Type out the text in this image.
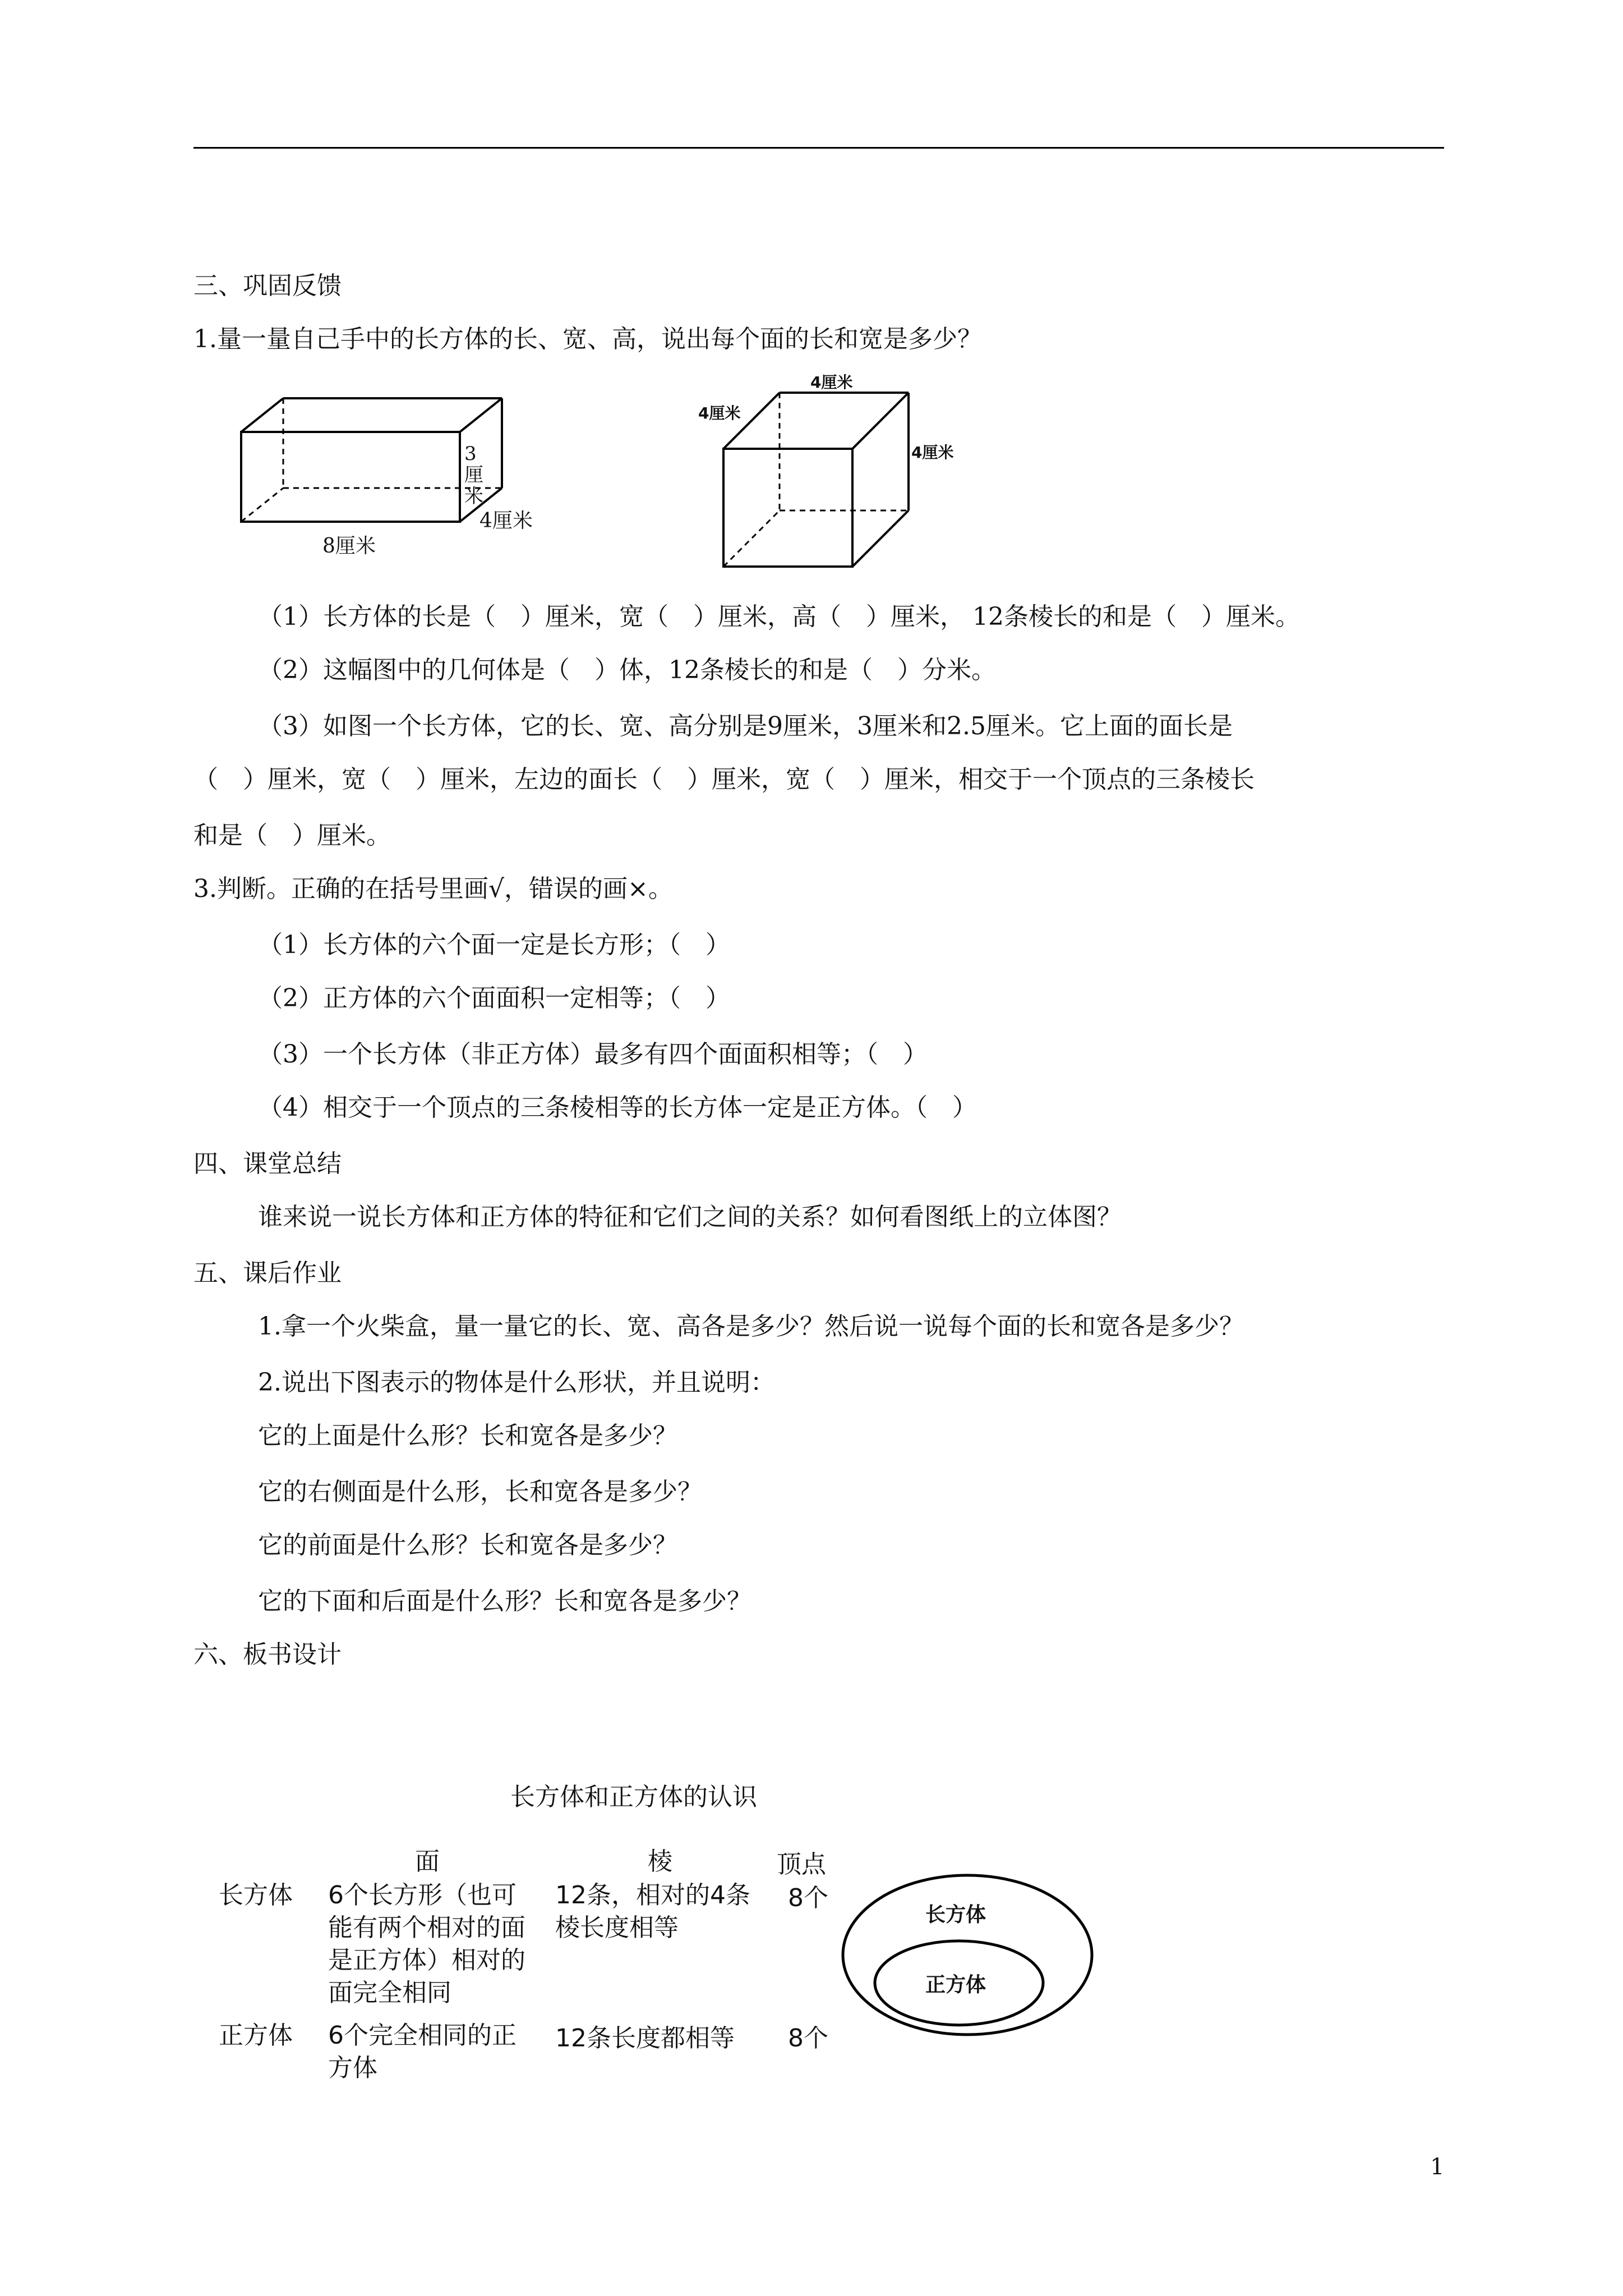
三、巩固反馈
1.量一量自己手中的长方体的长、宽、高，说出每个面的长和宽是多少？
3
厘
米
4厘米
8厘米
4厘米
4厘米
4厘米
（1）长方体的长是（　）厘米，宽（　）厘米，高（　）厘米， 12条棱长的和是（　）厘米。
（2）这幅图中的几何体是（　）体，12条棱长的和是（　）分米。
（3）如图一个长方体，它的长、宽、高分别是9厘米，3厘米和2.5厘米。它上面的面长是
（　）厘米，宽（　）厘米，左边的面长（　）厘米，宽（　）厘米，相交于一个顶点的三条棱长
和是（　）厘米。
3.判断。正确的在括号里画√，错误的画×。
（1）长方体的六个面一定是长方形；（　）
（2）正方体的六个面面积一定相等；（　）
（3）一个长方体（非正方体）最多有四个面面积相等；（　）
（4）相交于一个顶点的三条棱相等的长方体一定是正方体。（　）
四、课堂总结
谁来说一说长方体和正方体的特征和它们之间的关系？如何看图纸上的立体图？
五、课后作业
1.拿一个火柴盒，量一量它的长、宽、高各是多少？然后说一说每个面的长和宽各是多少？
2.说出下图表示的物体是什么形状，并且说明：
它的上面是什么形？长和宽各是多少？
它的右侧面是什么形，长和宽各是多少？
它的前面是什么形？长和宽各是多少？
它的下面和后面是什么形？长和宽各是多少？
六、板书设计
长方体和正方体的认识
面	棱	顶点
长方体 6个长方形（也可
能有两个相对的面
是正方体）相对的
面完全相同
12条，相对的4条
棱长度相等
8个
正方体 6个完全相同的正
方体
12条长度都相等 8个
长方体
正方体
1
